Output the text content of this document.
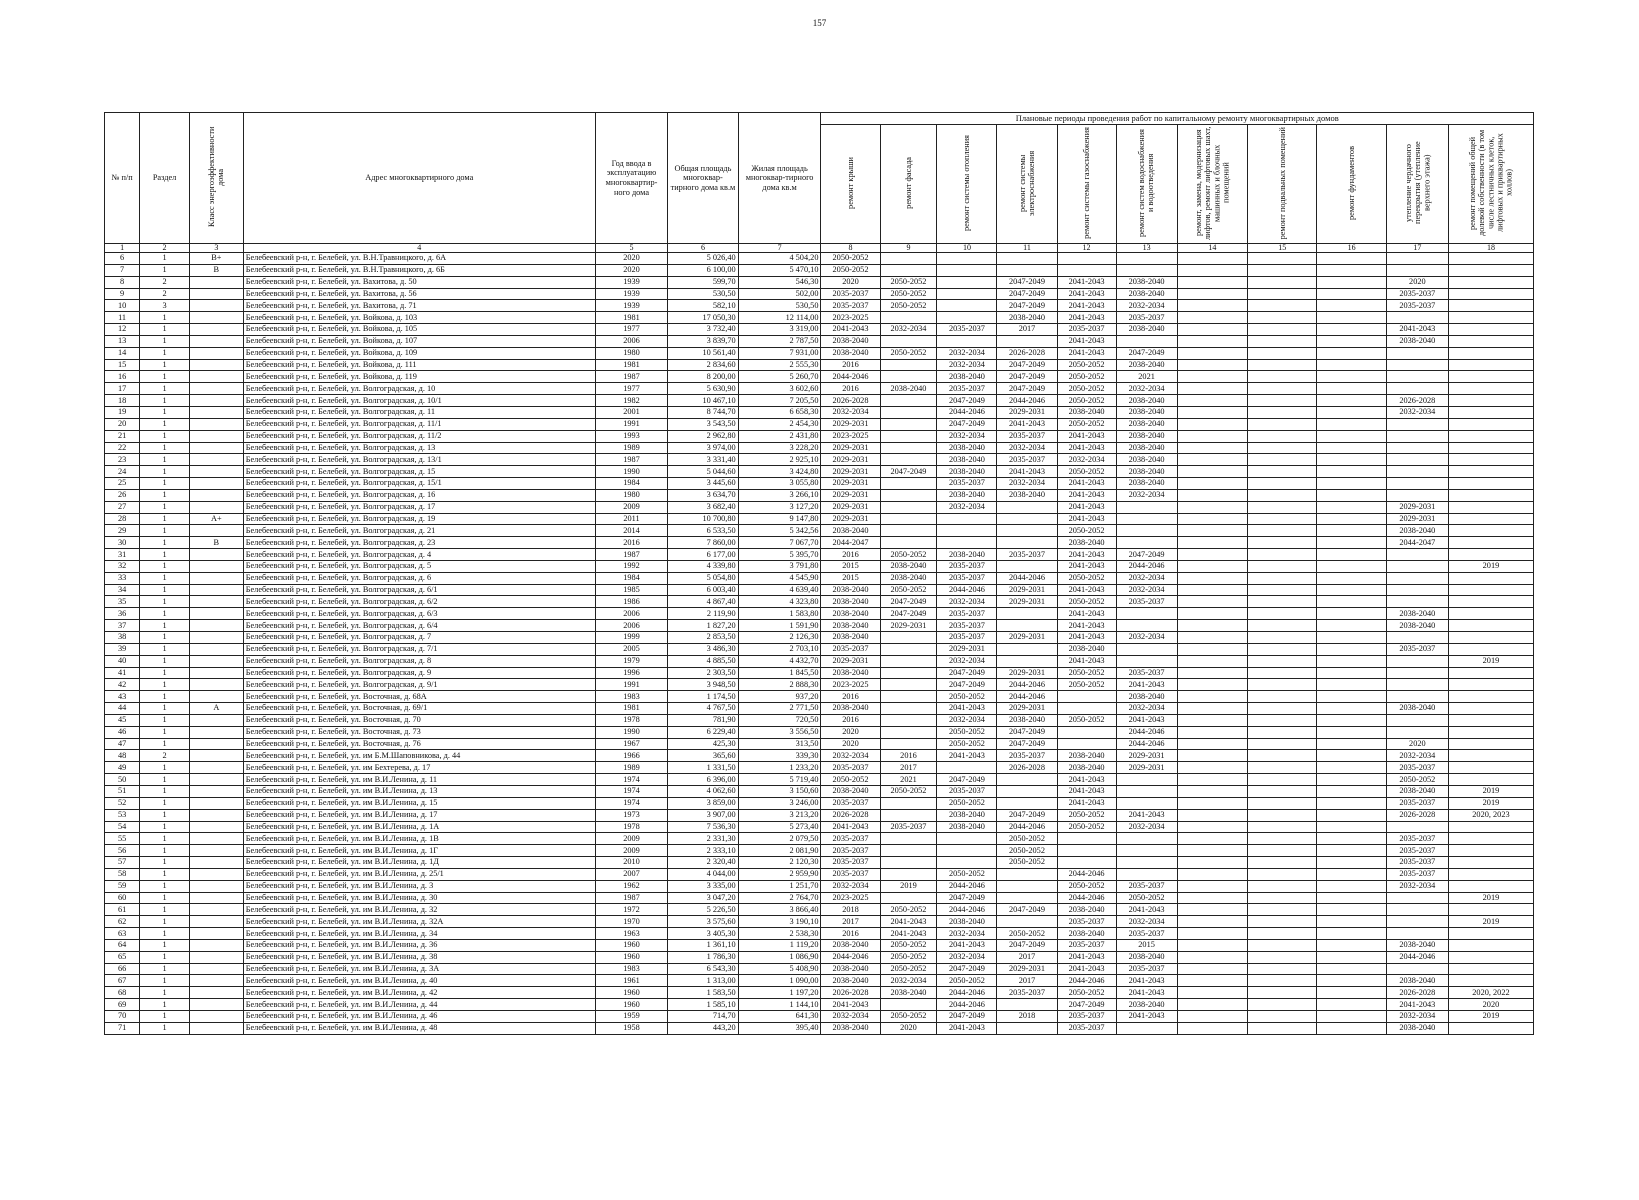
157
№ п/п	Раздел	Класс энергоэффективности дома	Адрес многоквартирного дома	Год ввода в эксплуатацию многоквартир-ного дома	Общая площадь многоквар-тирного дома кв.м	Жилая площадь многоквар-тирного дома кв.м	Плановые периоды проведения работ по капитальному ремонту многоквартирных домов										
							ремонт крыши	ремонт фасада	ремонт системы отопления	ремонт системы электроснабжения	ремонт системы газоснабжения	ремонт систем водоснабжения и водоотведения	ремонт, замена, модернизация лифтов, ремонт лифтовых шахт, машинных и блочных помещений	ремонт подвальных помещений	ремонт фундаментов	утепление чердачного перекрытия (утепление верхнего этажа)	ремонт помещений общей долевой собственности (в том числе лестничных клеток, лифтовых и приквартирных холлов)
1	2	3	4	5	6	7	8	9	10	11	12	13	14	15	16	17	18
6	1	B+	Белебеевский р-н, г. Белебей, ул. В.Н.Травницкого, д. 6А	2020	5 026,40	4 504,20	2050-2052										
7	1	B	Белебеевский р-н, г. Белебей, ул. В.Н.Травницкого, д. 6Б	2020	6 100,00	5 470,10	2050-2052										
8	2		Белебеевский р-н, г. Белебей, ул. Вахитова, д. 50	1939	599,70	546,30	2020	2050-2052		2047-2049	2041-2043	2038-2040				2020	
9	2		Белебеевский р-н, г. Белебей, ул. Вахитова, д. 56	1939	530,50	502,00	2035-2037	2050-2052		2047-2049	2041-2043	2038-2040				2035-2037	
10	3		Белебеевский р-н, г. Белебей, ул. Вахитова, д. 71	1939	582,10	530,50	2035-2037	2050-2052		2047-2049	2041-2043	2032-2034				2035-2037	
11	1		Белебеевский р-н, г. Белебей, ул. Войкова, д. 103	1981	17 050,30	12 114,00	2023-2025			2038-2040	2041-2043	2035-2037					
12	1		Белебеевский р-н, г. Белебей, ул. Войкова, д. 105	1977	3 732,40	3 319,00	2041-2043	2032-2034	2035-2037	2017	2035-2037	2038-2040				2041-2043	
13	1		Белебеевский р-н, г. Белебей, ул. Войкова, д. 107	2006	3 839,70	2 787,50	2038-2040				2041-2043					2038-2040	
14	1		Белебеевский р-н, г. Белебей, ул. Войкова, д. 109	1980	10 561,40	7 931,00	2038-2040	2050-2052	2032-2034	2026-2028	2041-2043	2047-2049					
15	1		Белебеевский р-н, г. Белебей, ул. Войкова, д. 111	1981	2 834,60	2 555,30	2016		2032-2034	2047-2049	2050-2052	2038-2040					
16	1		Белебеевский р-н, г. Белебей, ул. Войкова, д. 119	1987	8 200,00	5 260,70	2044-2046		2038-2040	2047-2049	2050-2052	2021					
17	1		Белебеевский р-н, г. Белебей, ул. Волгоградская, д. 10	1977	5 630,90	3 602,60	2016	2038-2040	2035-2037	2047-2049	2050-2052	2032-2034					
18	1		Белебеевский р-н, г. Белебей, ул. Волгоградская, д. 10/1	1982	10 467,10	7 205,50	2026-2028		2047-2049	2044-2046	2050-2052	2038-2040				2026-2028	
19	1		Белебеевский р-н, г. Белебей, ул. Волгоградская, д. 11	2001	8 744,70	6 658,30	2032-2034		2044-2046	2029-2031	2038-2040	2038-2040				2032-2034	
20	1		Белебеевский р-н, г. Белебей, ул. Волгоградская, д. 11/1	1991	3 543,50	2 454,30	2029-2031		2047-2049	2041-2043	2050-2052	2038-2040					
21	1		Белебеевский р-н, г. Белебей, ул. Волгоградская, д. 11/2	1993	2 962,80	2 431,80	2023-2025		2032-2034	2035-2037	2041-2043	2038-2040					
22	1		Белебеевский р-н, г. Белебей, ул. Волгоградская, д. 13	1989	3 974,00	3 228,20	2029-2031		2038-2040	2032-2034	2041-2043	2038-2040					
23	1		Белебеевский р-н, г. Белебей, ул. Волгоградская, д. 13/1	1987	3 331,40	2 925,10	2029-2031		2038-2040	2035-2037	2032-2034	2038-2040					
24	1		Белебеевский р-н, г. Белебей, ул. Волгоградская, д. 15	1990	5 044,60	3 424,80	2029-2031	2047-2049	2038-2040	2041-2043	2050-2052	2038-2040					
25	1		Белебеевский р-н, г. Белебей, ул. Волгоградская, д. 15/1	1984	3 445,60	3 055,80	2029-2031		2035-2037	2032-2034	2041-2043	2038-2040					
26	1		Белебеевский р-н, г. Белебей, ул. Волгоградская, д. 16	1980	3 634,70	3 266,10	2029-2031		2038-2040	2038-2040	2041-2043	2032-2034					
27	1		Белебеевский р-н, г. Белебей, ул. Волгоградская, д. 17	2009	3 682,40	3 127,20	2029-2031		2032-2034		2041-2043					2029-2031	
28	1	A+	Белебеевский р-н, г. Белебей, ул. Волгоградская, д. 19	2011	10 700,80	9 147,80	2029-2031				2041-2043					2029-2031	
29	1		Белебеевский р-н, г. Белебей, ул. Волгоградская, д. 21	2014	6 533,50	5 342,56	2038-2040				2050-2052					2038-2040	
30	1	B	Белебеевский р-н, г. Белебей, ул. Волгоградская, д. 23	2016	7 860,00	7 067,70	2044-2047				2038-2040					2044-2047	
31	1		Белебеевский р-н, г. Белебей, ул. Волгоградская, д. 4	1987	6 177,00	5 395,70	2016	2050-2052	2038-2040	2035-2037	2041-2043	2047-2049					
32	1		Белебеевский р-н, г. Белебей, ул. Волгоградская, д. 5	1992	4 339,80	3 791,80	2015	2038-2040	2035-2037		2041-2043	2044-2046					2019
33	1		Белебеевский р-н, г. Белебей, ул. Волгоградская, д. 6	1984	5 054,80	4 545,90	2015	2038-2040	2035-2037	2044-2046	2050-2052	2032-2034					
34	1		Белебеевский р-н, г. Белебей, ул. Волгоградская, д. 6/1	1985	6 003,40	4 639,40	2038-2040	2050-2052	2044-2046	2029-2031	2041-2043	2032-2034					
35	1		Белебеевский р-н, г. Белебей, ул. Волгоградская, д. 6/2	1986	4 867,40	4 323,80	2038-2040	2047-2049	2032-2034	2029-2031	2050-2052	2035-2037					
36	1		Белебеевский р-н, г. Белебей, ул. Волгоградская, д. 6/3	2006	2 119,90	1 583,80	2038-2040	2047-2049	2035-2037		2041-2043					2038-2040	
37	1		Белебеевский р-н, г. Белебей, ул. Волгоградская, д. 6/4	2006	1 827,20	1 591,90	2038-2040	2029-2031	2035-2037		2041-2043					2038-2040	
38	1		Белебеевский р-н, г. Белебей, ул. Волгоградская, д. 7	1999	2 853,50	2 126,30	2038-2040		2035-2037	2029-2031	2041-2043	2032-2034					
39	1		Белебеевский р-н, г. Белебей, ул. Волгоградская, д. 7/1	2005	3 486,30	2 703,10	2035-2037		2029-2031		2038-2040					2035-2037	
40	1		Белебеевский р-н, г. Белебей, ул. Волгоградская, д. 8	1979	4 885,50	4 432,70	2029-2031		2032-2034		2041-2043						2019
41	1		Белебеевский р-н, г. Белебей, ул. Волгоградская, д. 9	1996	2 303,50	1 845,50	2038-2040		2047-2049	2029-2031	2050-2052	2035-2037					
42	1		Белебеевский р-н, г. Белебей, ул. Волгоградская, д. 9/1	1991	3 948,50	2 888,30	2023-2025		2047-2049	2044-2046	2050-2052	2041-2043					
43	1		Белебеевский р-н, г. Белебей, ул. Восточная, д. 68А	1983	1 174,50	937,20	2016		2050-2052	2044-2046		2038-2040					
44	1	A	Белебеевский р-н, г. Белебей, ул. Восточная, д. 69/1	1981	4 767,50	2 771,50	2038-2040		2041-2043	2029-2031		2032-2034				2038-2040	
45	1		Белебеевский р-н, г. Белебей, ул. Восточная, д. 70	1978	781,90	720,50	2016		2032-2034	2038-2040	2050-2052	2041-2043					
46	1		Белебеевский р-н, г. Белебей, ул. Восточная, д. 73	1990	6 229,40	3 556,50	2020		2050-2052	2047-2049		2044-2046					
47	1		Белебеевский р-н, г. Белебей, ул. Восточная, д. 76	1967	425,30	313,50	2020		2050-2052	2047-2049		2044-2046				2020	
48	2		Белебеевский р-н, г. Белебей, ул. им Б.М.Шаповникова, д. 44	1966	365,60	339,30	2032-2034	2016	2041-2043	2035-2037	2038-2040	2029-2031				2032-2034	
49	1		Белебеевский р-н, г. Белебей, ул. им Бехтерева, д. 17	1989	1 331,50	1 233,20	2035-2037	2017		2026-2028	2038-2040	2029-2031				2035-2037	
50	1		Белебеевский р-н, г. Белебей, ул. им В.И.Ленина, д. 11	1974	6 396,00	5 719,40	2050-2052	2021	2047-2049		2041-2043					2050-2052	
51	1		Белебеевский р-н, г. Белебей, ул. им В.И.Ленина, д. 13	1974	4 062,60	3 150,60	2038-2040	2050-2052	2035-2037		2041-2043					2038-2040	2019
52	1		Белебеевский р-н, г. Белебей, ул. им В.И.Ленина, д. 15	1974	3 859,00	3 246,00	2035-2037		2050-2052		2041-2043					2035-2037	2019
53	1		Белебеевский р-н, г. Белебей, ул. им В.И.Ленина, д. 17	1973	3 907,00	3 213,20	2026-2028		2038-2040	2047-2049	2050-2052	2041-2043				2026-2028	2020, 2023
54	1		Белебеевский р-н, г. Белебей, ул. им В.И.Ленина, д. 1А	1978	7 536,30	5 273,40	2041-2043	2035-2037	2038-2040	2044-2046	2050-2052	2032-2034					
55	1		Белебеевский р-н, г. Белебей, ул. им В.И.Ленина, д. 1В	2009	2 331,30	2 079,50	2035-2037			2050-2052						2035-2037	
56	1		Белебеевский р-н, г. Белебей, ул. им В.И.Ленина, д. 1Г	2009	2 333,10	2 081,90	2035-2037			2050-2052						2035-2037	
57	1		Белебеевский р-н, г. Белебей, ул. им В.И.Ленина, д. 1Д	2010	2 320,40	2 120,30	2035-2037			2050-2052						2035-2037	
58	1		Белебеевский р-н, г. Белебей, ул. им В.И.Ленина, д. 25/1	2007	4 044,00	2 959,90	2035-2037		2050-2052		2044-2046					2035-2037	
59	1		Белебеевский р-н, г. Белебей, ул. им В.И.Ленина, д. 3	1962	3 335,00	1 251,70	2032-2034	2019	2044-2046		2050-2052	2035-2037				2032-2034	
60	1		Белебеевский р-н, г. Белебей, ул. им В.И.Ленина, д. 30	1987	3 047,20	2 764,70	2023-2025		2047-2049		2044-2046	2050-2052					2019
61	1		Белебеевский р-н, г. Белебей, ул. им В.И.Ленина, д. 32	1972	5 226,50	3 866,40	2018	2050-2052	2044-2046	2047-2049	2038-2040	2041-2043					
62	1		Белебеевский р-н, г. Белебей, ул. им В.И.Ленина, д. 32А	1970	3 575,60	3 190,10	2017	2041-2043	2038-2040		2035-2037	2032-2034					2019
63	1		Белебеевский р-н, г. Белебей, ул. им В.И.Ленина, д. 34	1963	3 405,30	2 538,30	2016	2041-2043	2032-2034	2050-2052	2038-2040	2035-2037					
64	1		Белебеевский р-н, г. Белебей, ул. им В.И.Ленина, д. 36	1960	1 361,10	1 119,20	2038-2040	2050-2052	2041-2043	2047-2049	2035-2037	2015				2038-2040	
65	1		Белебеевский р-н, г. Белебей, ул. им В.И.Ленина, д. 38	1960	1 786,30	1 086,90	2044-2046	2050-2052	2032-2034	2017	2041-2043	2038-2040				2044-2046	
66	1		Белебеевский р-н, г. Белебей, ул. им В.И.Ленина, д. 3А	1983	6 543,30	5 408,90	2038-2040	2050-2052	2047-2049	2029-2031	2041-2043	2035-2037					
67	1		Белебеевский р-н, г. Белебей, ул. им В.И.Ленина, д. 40	1961	1 313,00	1 090,00	2038-2040	2032-2034	2050-2052	2017	2044-2046	2041-2043				2038-2040	
68	1		Белебеевский р-н, г. Белебей, ул. им В.И.Ленина, д. 42	1960	1 583,50	1 197,20	2026-2028	2038-2040	2044-2046	2035-2037	2050-2052	2041-2043				2026-2028	2020, 2022
69	1		Белебеевский р-н, г. Белебей, ул. им В.И.Ленина, д. 44	1960	1 585,10	1 144,10	2041-2043		2044-2046		2047-2049	2038-2040				2041-2043	2020
70	1		Белебеевский р-н, г. Белебей, ул. им В.И.Ленина, д. 46	1959	714,70	641,30	2032-2034	2050-2052	2047-2049	2018	2035-2037	2041-2043				2032-2034	2019
71	1		Белебеевский р-н, г. Белебей, ул. им В.И.Ленина, д. 48	1958	443,20	395,40	2038-2040	2020	2041-2043		2035-2037					2038-2040	
